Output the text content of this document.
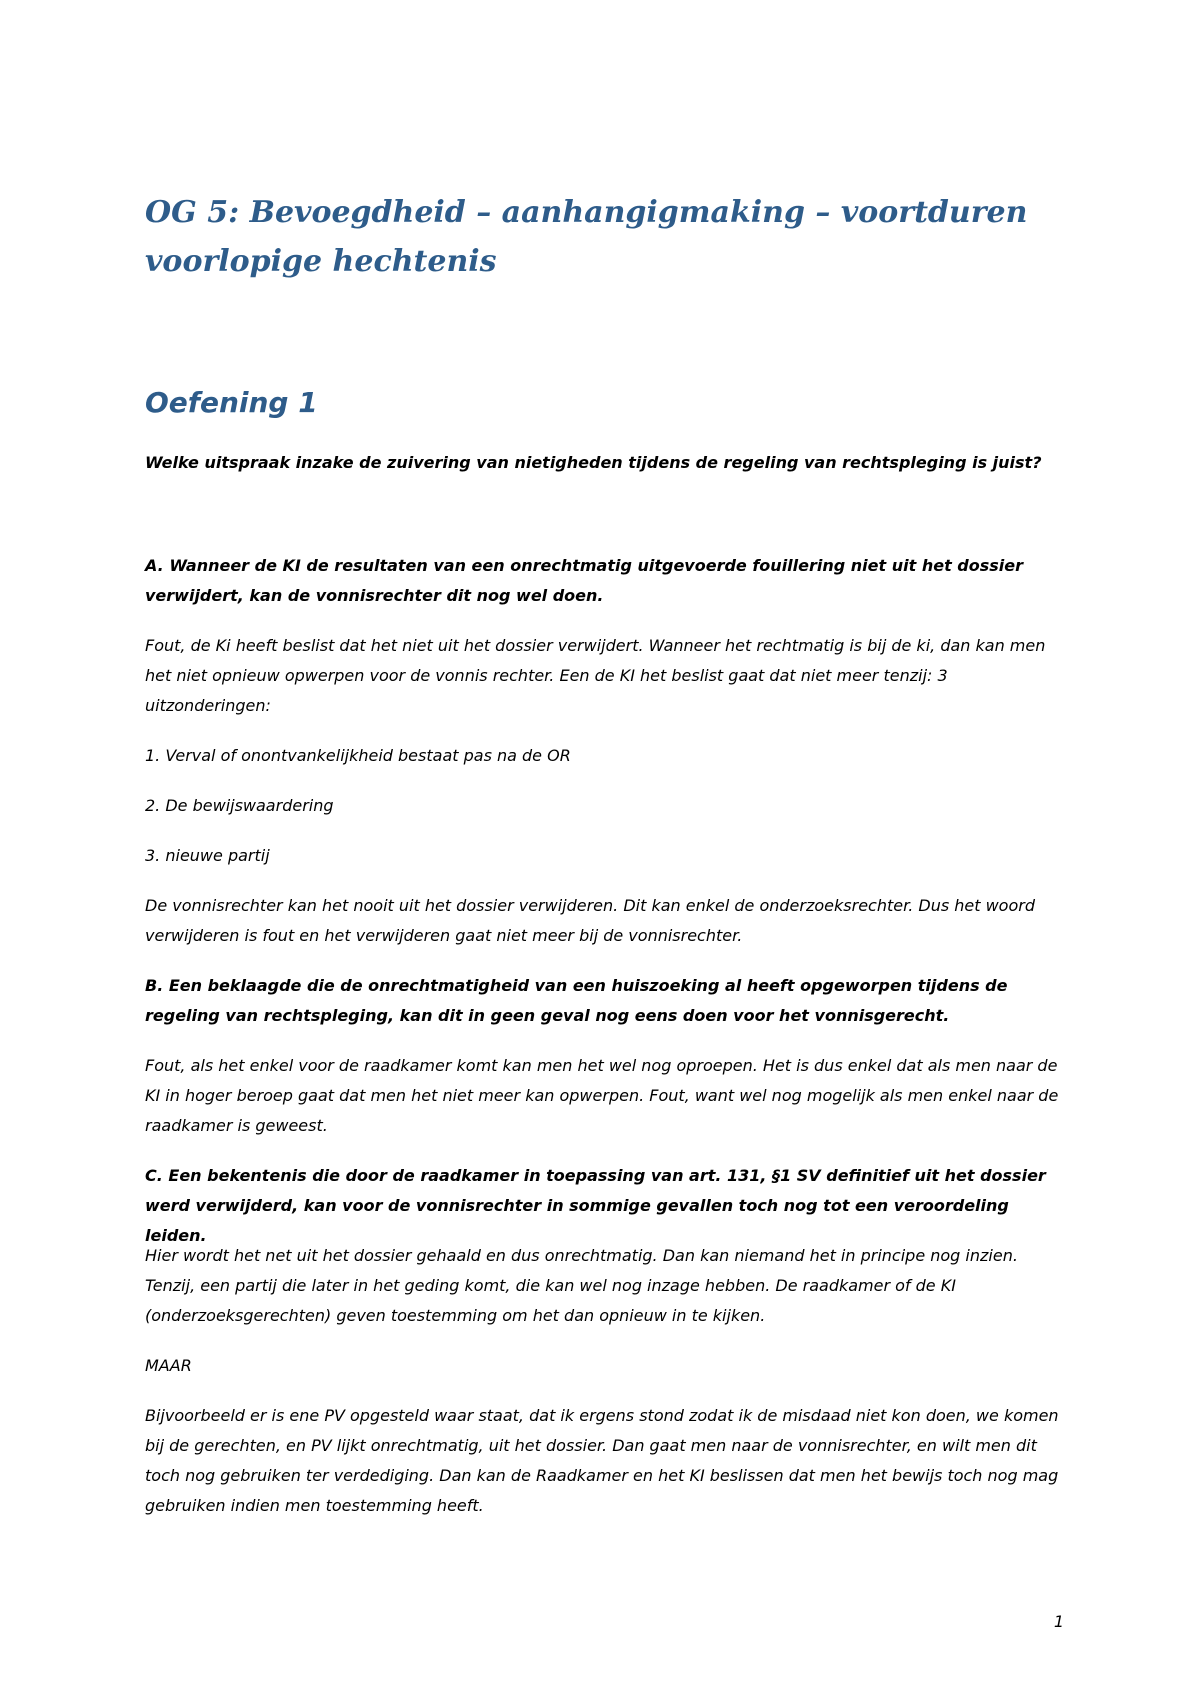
OG 5: Bevoegdheid – aanhangigmaking – voortduren
voorlopige hechtenis
Oefening 1

Welke uitspraak inzake de zuivering van nietigheden tijdens de regeling van rechtspleging is juist?

A. Wanneer de KI de resultaten van een onrechtmatig uitgevoerde fouillering niet uit het dossier verwijdert, kan de vonnisrechter dit nog wel doen.

Fout, de Ki heeft beslist dat het niet uit het dossier verwijdert. Wanneer het rechtmatig is bij de ki, dan kan men het niet opnieuw opwerpen voor de vonnis rechter. Een de KI het beslist gaat dat niet meer tenzij: 3 uitzonderingen:

1. Verval of onontvankelijkheid bestaat pas na de OR

2. De bewijswaardering

3. nieuwe partij

De vonnisrechter kan het nooit uit het dossier verwijderen. Dit kan enkel de onderzoeksrechter. Dus het woord verwijderen is fout en het verwijderen gaat niet meer bij de vonnisrechter.

B. Een beklaagde die de onrechtmatigheid van een huiszoeking al heeft opgeworpen tijdens de regeling van rechtspleging, kan dit in geen geval nog eens doen voor het vonnisgerecht.

Fout, als het enkel voor de raadkamer komt kan men het wel nog oproepen. Het is dus enkel dat als men naar de KI in hoger beroep gaat dat men het niet meer kan opwerpen. Fout, want wel nog mogelijk als men enkel naar de raadkamer is geweest.

C. Een bekentenis die door de raadkamer in toepassing van art. 131, §1 SV definitief uit het dossier werd verwijderd, kan voor de vonnisrechter in sommige gevallen toch nog tot een veroordeling leiden.

Hier wordt het net uit het dossier gehaald en dus onrechtmatig. Dan kan niemand het in principe nog inzien. Tenzij, een partij die later in het geding komt, die kan wel nog inzage hebben. De raadkamer of de KI (onderzoeksgerechten) geven toestemming om het dan opnieuw in te kijken.

MAAR

Bijvoorbeeld er is ene PV opgesteld waar staat, dat ik ergens stond zodat ik de misdaad niet kon doen, we komen bij de gerechten, en PV lijkt onrechtmatig, uit het dossier. Dan gaat men naar de vonnisrechter, en wilt men dit toch nog gebruiken ter verdediging. Dan kan de Raadkamer en het KI beslissen dat men het bewijs toch nog mag gebruiken indien men toestemming heeft.

1
